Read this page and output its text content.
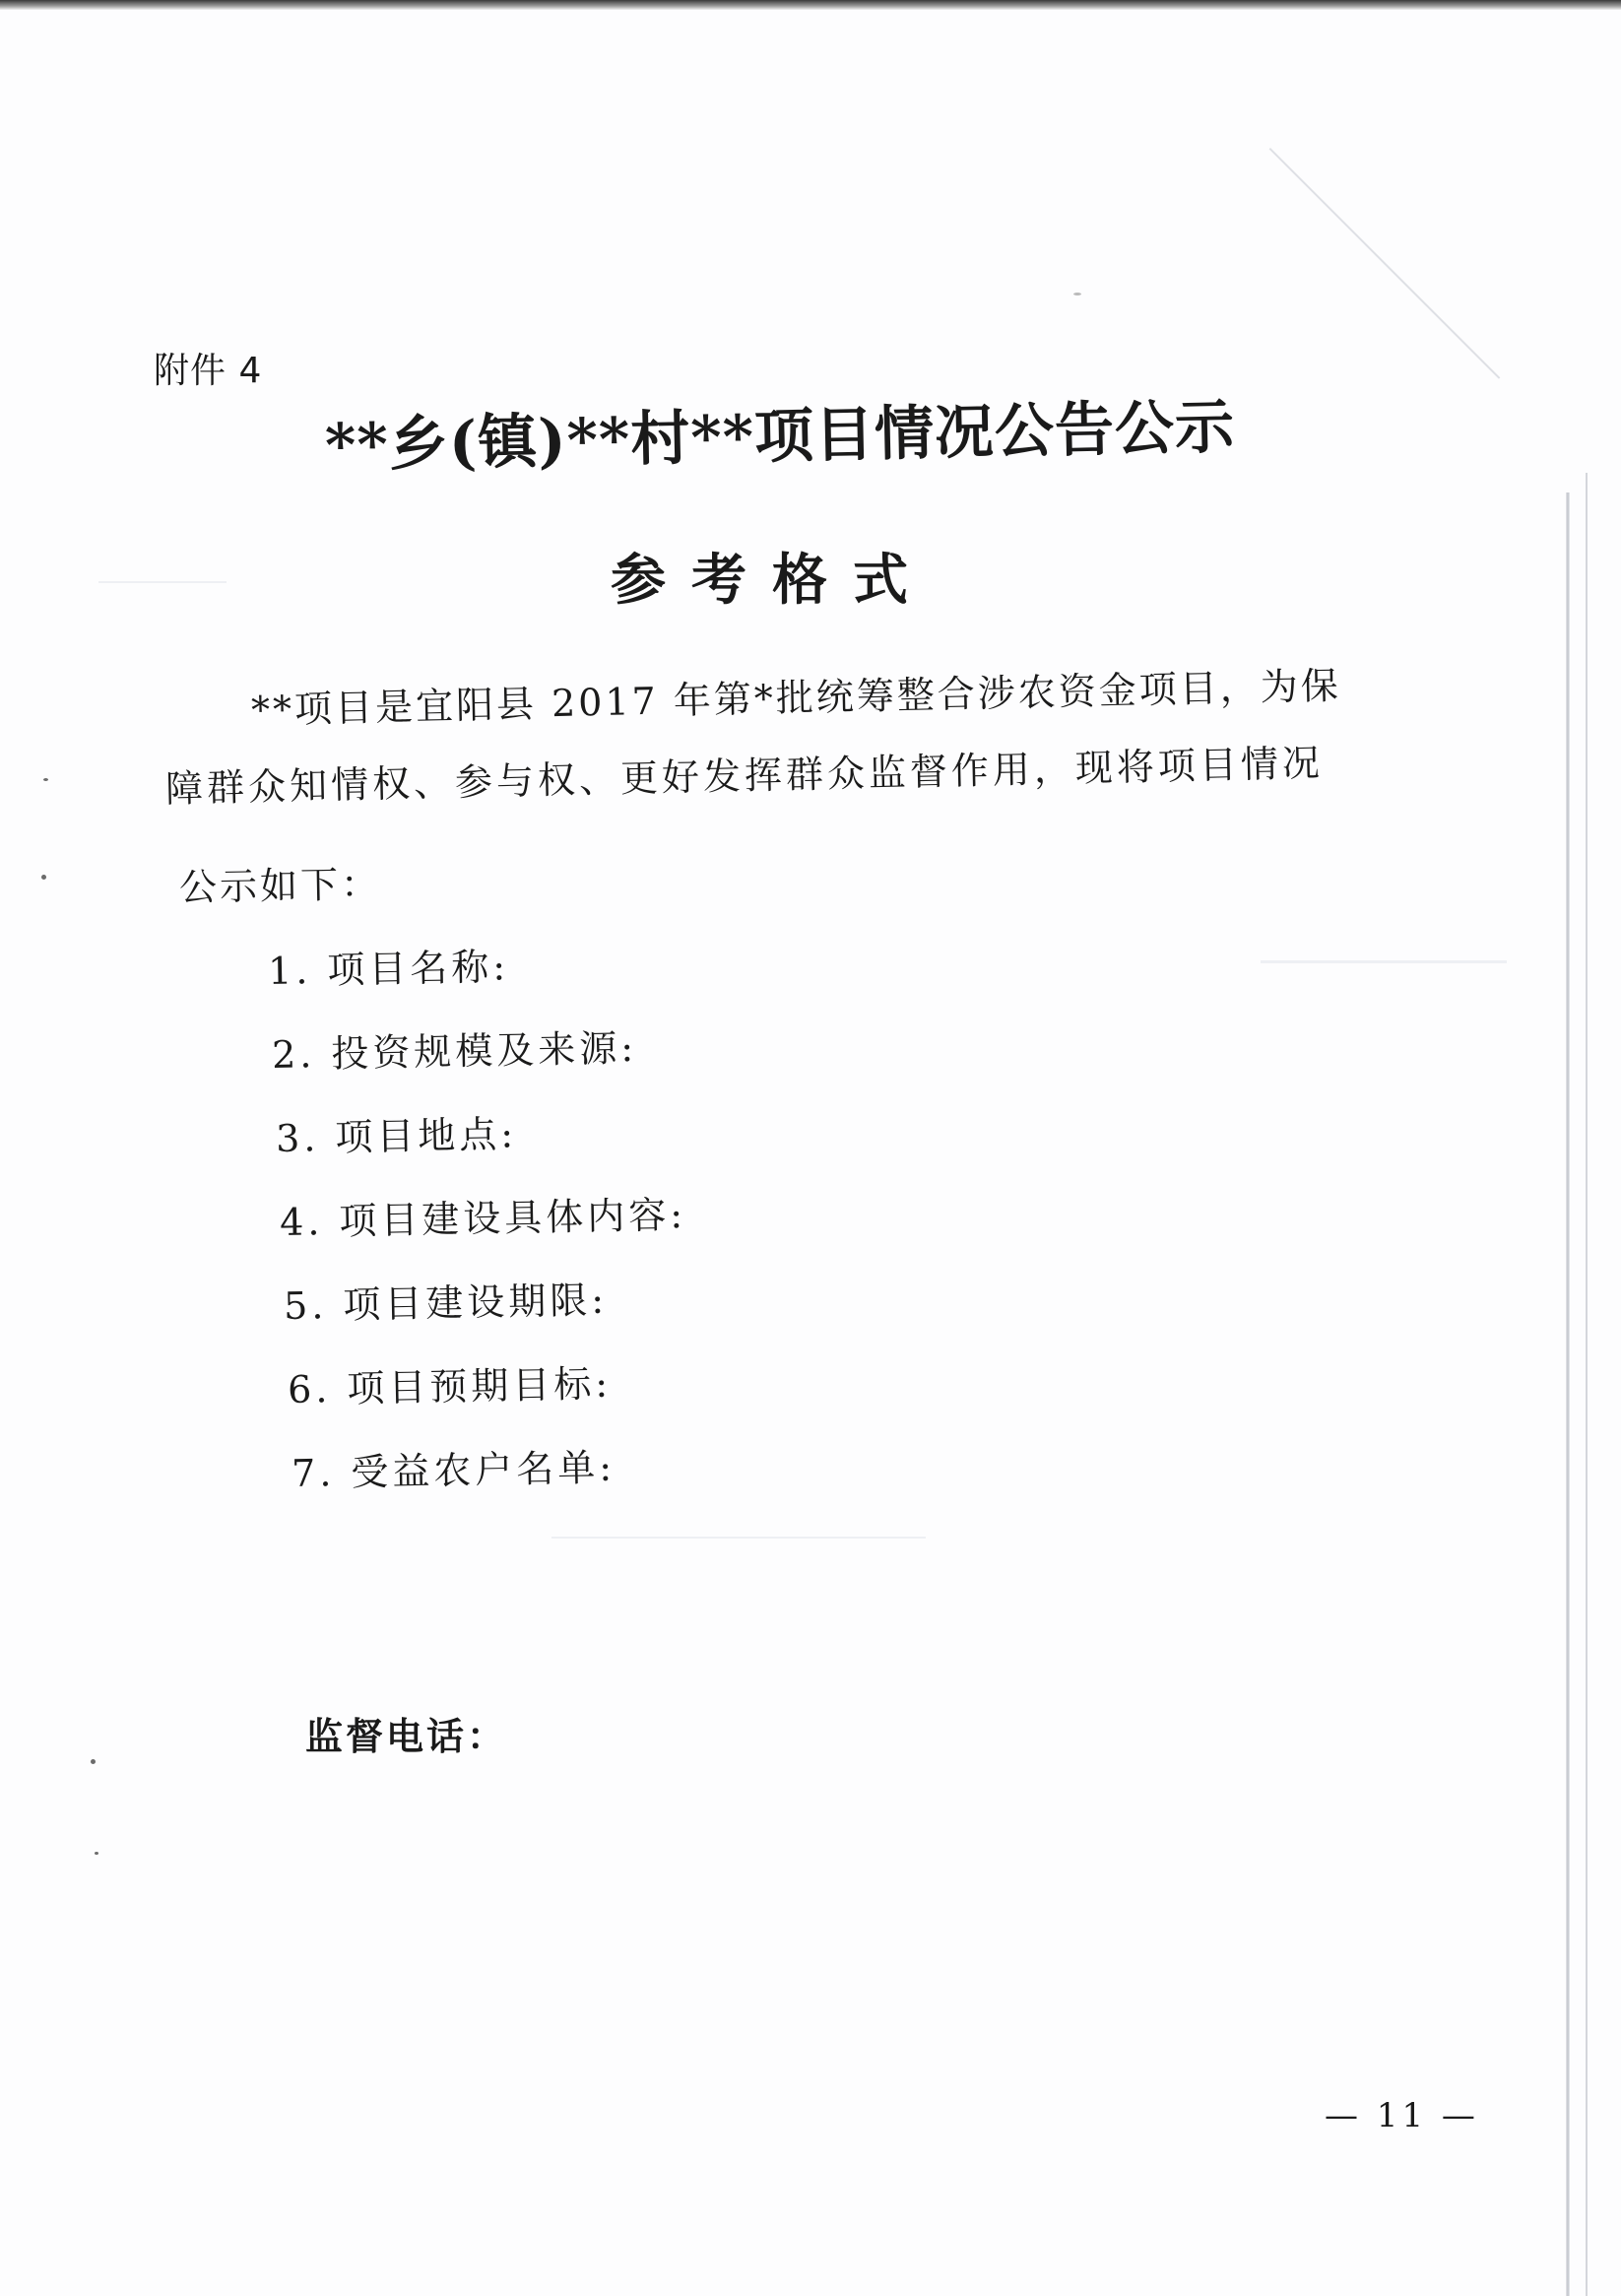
附件 4
**乡(镇)**村**项目情况公告公示
参考格式
**项目是宜阳县 2017 年第*批统筹整合涉农资金项目，为保
障群众知情权、参与权、更好发挥群众监督作用，现将项目情况
公示如下：
1. 项目名称:
2. 投资规模及来源:
3. 项目地点:
4. 项目建设具体内容:
5. 项目建设期限:
6. 项目预期目标:
7. 受益农户名单:
监督电话：
— 11 —
